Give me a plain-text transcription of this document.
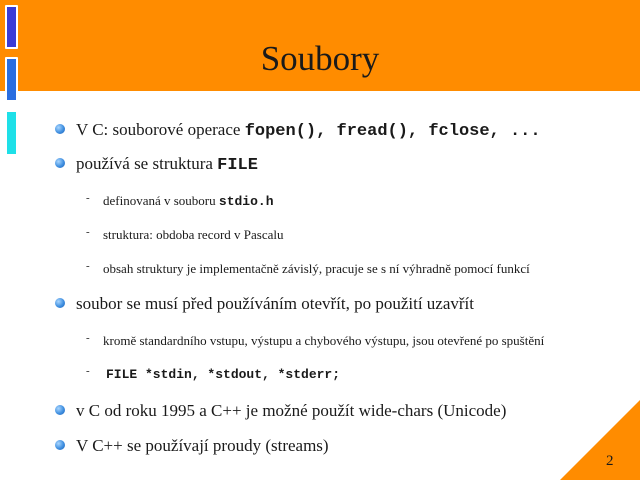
Soubory
V C: souborové operace fopen(), fread(), fclose, ...
používá se struktura FILE
- definovaná v souboru stdio.h
- struktura: obdoba record v Pascalu
- obsah struktury je implementačně závislý, pracuje se s ní výhradně pomocí funkcí
soubor se musí před používáním otevřít, po použití uzavřít
- kromě standardního vstupu, výstupu a chybového výstupu, jsou otevřené po spuštění
- FILE *stdin, *stdout, *stderr;
v C od roku 1995 a C++ je možné použít wide-chars (Unicode)
V C++ se používají proudy (streams)
2
